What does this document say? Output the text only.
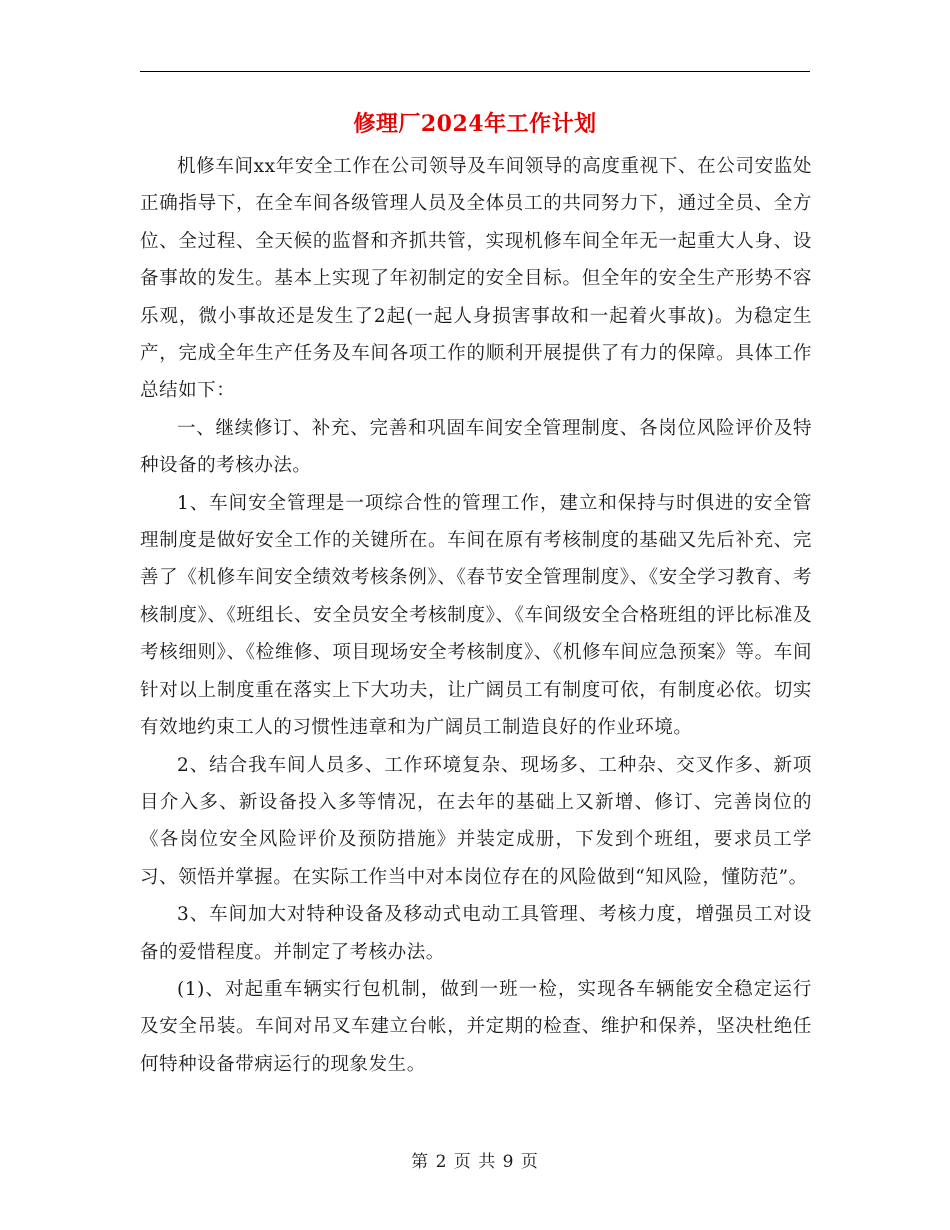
修理厂2024年工作计划

机修车间xx年安全工作在公司领导及车间领导的高度重视下、在公司安监处正确指导下，在全车间各级管理人员及全体员工的共同努力下，通过全员、全方位、全过程、全天候的监督和齐抓共管，实现机修车间全年无一起重大人身、设备事故的发生。基本上实现了年初制定的安全目标。但全年的安全生产形势不容乐观，微小事故还是发生了2起(一起人身损害事故和一起着火事故)。为稳定生产，完成全年生产任务及车间各项工作的顺利开展提供了有力的保障。具体工作总结如下：

一、继续修订、补充、完善和巩固车间安全管理制度、各岗位风险评价及特种设备的考核办法。

1、车间安全管理是一项综合性的管理工作，建立和保持与时俱进的安全管理制度是做好安全工作的关键所在。车间在原有考核制度的基础又先后补充、完善了《机修车间安全绩效考核条例》、《春节安全管理制度》、《安全学习教育、考核制度》、《班组长、安全员安全考核制度》、《车间级安全合格班组的评比标准及考核细则》、《检维修、项目现场安全考核制度》、《机修车间应急预案》等。车间针对以上制度重在落实上下大功夫，让广阔员工有制度可依，有制度必依。切实有效地约束工人的习惯性违章和为广阔员工制造良好的作业环境。

2、结合我车间人员多、工作环境复杂、现场多、工种杂、交叉作多、新项目介入多、新设备投入多等情况，在去年的基础上又新增、修订、完善岗位的《各岗位安全风险评价及预防措施》并装定成册，下发到个班组，要求员工学习、领悟并掌握。在实际工作当中对本岗位存在的风险做到“知风险，懂防范”。

3、车间加大对特种设备及移动式电动工具管理、考核力度，增强员工对设备的爱惜程度。并制定了考核办法。

(1)、对起重车辆实行包机制，做到一班一检，实现各车辆能安全稳定运行及安全吊装。车间对吊叉车建立台帐，并定期的检查、维护和保养，坚决杜绝任何特种设备带病运行的现象发生。

第 2 页 共 9 页
